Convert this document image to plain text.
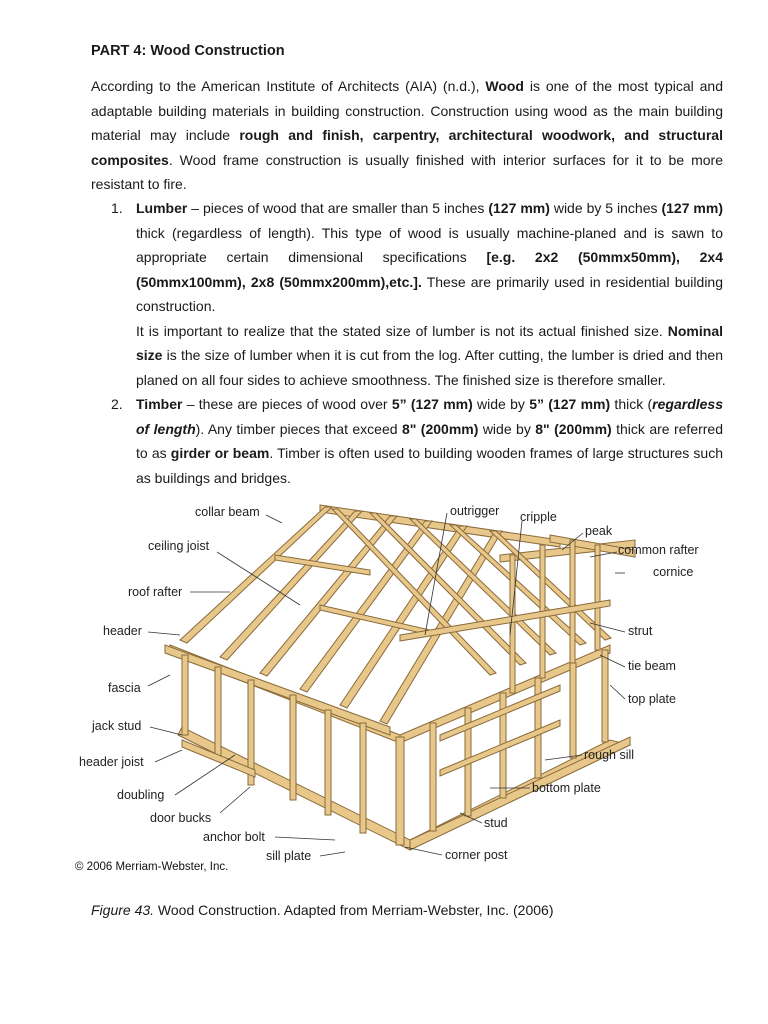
PART 4: Wood Construction
According to the American Institute of Architects (AIA) (n.d.), Wood is one of the most typical and adaptable building materials in building construction. Construction using wood as the main building material may include rough and finish, carpentry, architectural woodwork, and structural composites. Wood frame construction is usually finished with interior surfaces for it to be more resistant to fire.
1. Lumber – pieces of wood that are smaller than 5 inches (127 mm) wide by 5 inches (127 mm) thick (regardless of length). This type of wood is usually machine-planed and is sawn to appropriate certain dimensional specifications [e.g. 2x2 (50mmx50mm), 2x4 (50mmx100mm), 2x8 (50mmx200mm),etc.]. These are primarily used in residential building construction.
It is important to realize that the stated size of lumber is not its actual finished size. Nominal size is the size of lumber when it is cut from the log. After cutting, the lumber is dried and then planed on all four sides to achieve smoothness. The finished size is therefore smaller.
2. Timber – these are pieces of wood over 5” (127 mm) wide by 5” (127 mm) thick (regardless of length). Any timber pieces that exceed 8" (200mm) wide by 8" (200mm) thick are referred to as girder or beam. Timber is often used to building wooden frames of large structures such as buildings and bridges.
collar beam	outrigger cripple
peak
common rafter
cornice
ceiling joist
roof rafter
header	strut
tie beam
fascia
top plate
jack stud
rough sill
header joist
bottom plate
doubling
door bucks	stud
anchor bolt
sill plate	corner post
© 2006 Merriam-Webster, Inc.
Figure 43. Wood Construction. Adapted from Merriam-Webster, Inc. (2006)
